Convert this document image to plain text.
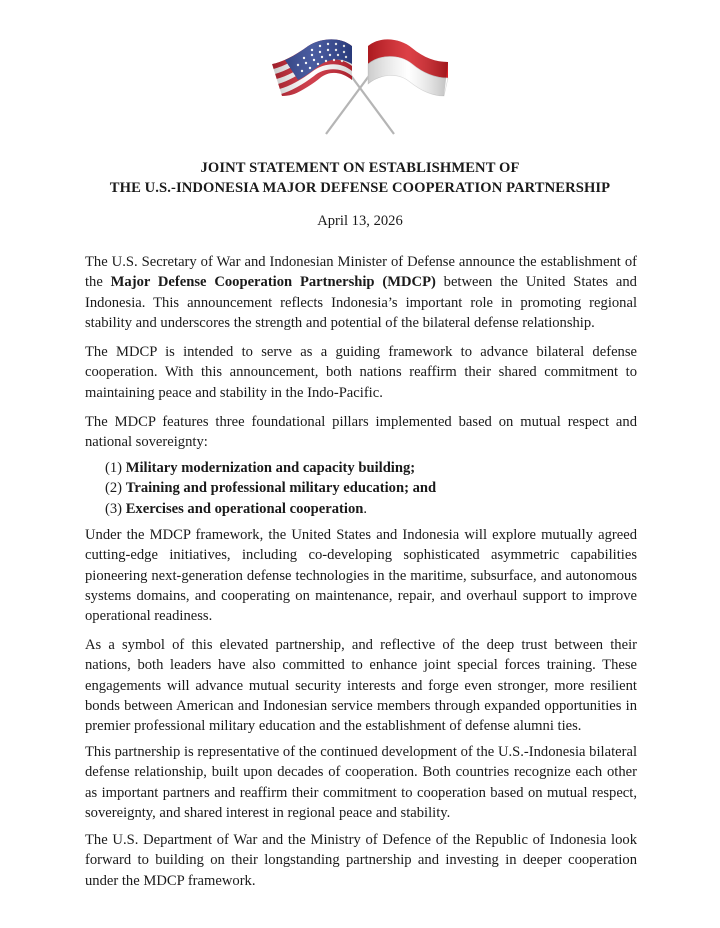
JOINT STATEMENT ON ESTABLISHMENT OF
THE U.S.-INDONESIA MAJOR DEFENSE COOPERATION PARTNERSHIP
April 13, 2026

The U.S. Secretary of War and Indonesian Minister of Defense announce the establishment of the Major Defense Cooperation Partnership (MDCP) between the United States and Indonesia. This announcement reflects Indonesia’s important role in promoting regional stability and underscores the strength and potential of the bilateral defense relationship.

The MDCP is intended to serve as a guiding framework to advance bilateral defense cooperation. With this announcement, both nations reaffirm their shared commitment to maintaining peace and stability in the Indo-Pacific.

The MDCP features three foundational pillars implemented based on mutual respect and national sovereignty:

(1) Military modernization and capacity building;
(2) Training and professional military education; and
(3) Exercises and operational cooperation.

Under the MDCP framework, the United States and Indonesia will explore mutually agreed cutting-edge initiatives, including co-developing sophisticated asymmetric capabilities pioneering next-generation defense technologies in the maritime, subsurface, and autonomous systems domains, and cooperating on maintenance, repair, and overhaul support to improve operational readiness.

As a symbol of this elevated partnership, and reflective of the deep trust between their nations, both leaders have also committed to enhance joint special forces training. These engagements will advance mutual security interests and forge even stronger, more resilient bonds between American and Indonesian service members through expanded opportunities in premier professional military education and the establishment of defense alumni ties.

This partnership is representative of the continued development of the U.S.-Indonesia bilateral defense relationship, built upon decades of cooperation. Both countries recognize each other as important partners and reaffirm their commitment to cooperation based on mutual respect, sovereignty, and shared interest in regional peace and stability.

The U.S. Department of War and the Ministry of Defence of the Republic of Indonesia look forward to building on their longstanding partnership and investing in deeper cooperation under the MDCP framework.
